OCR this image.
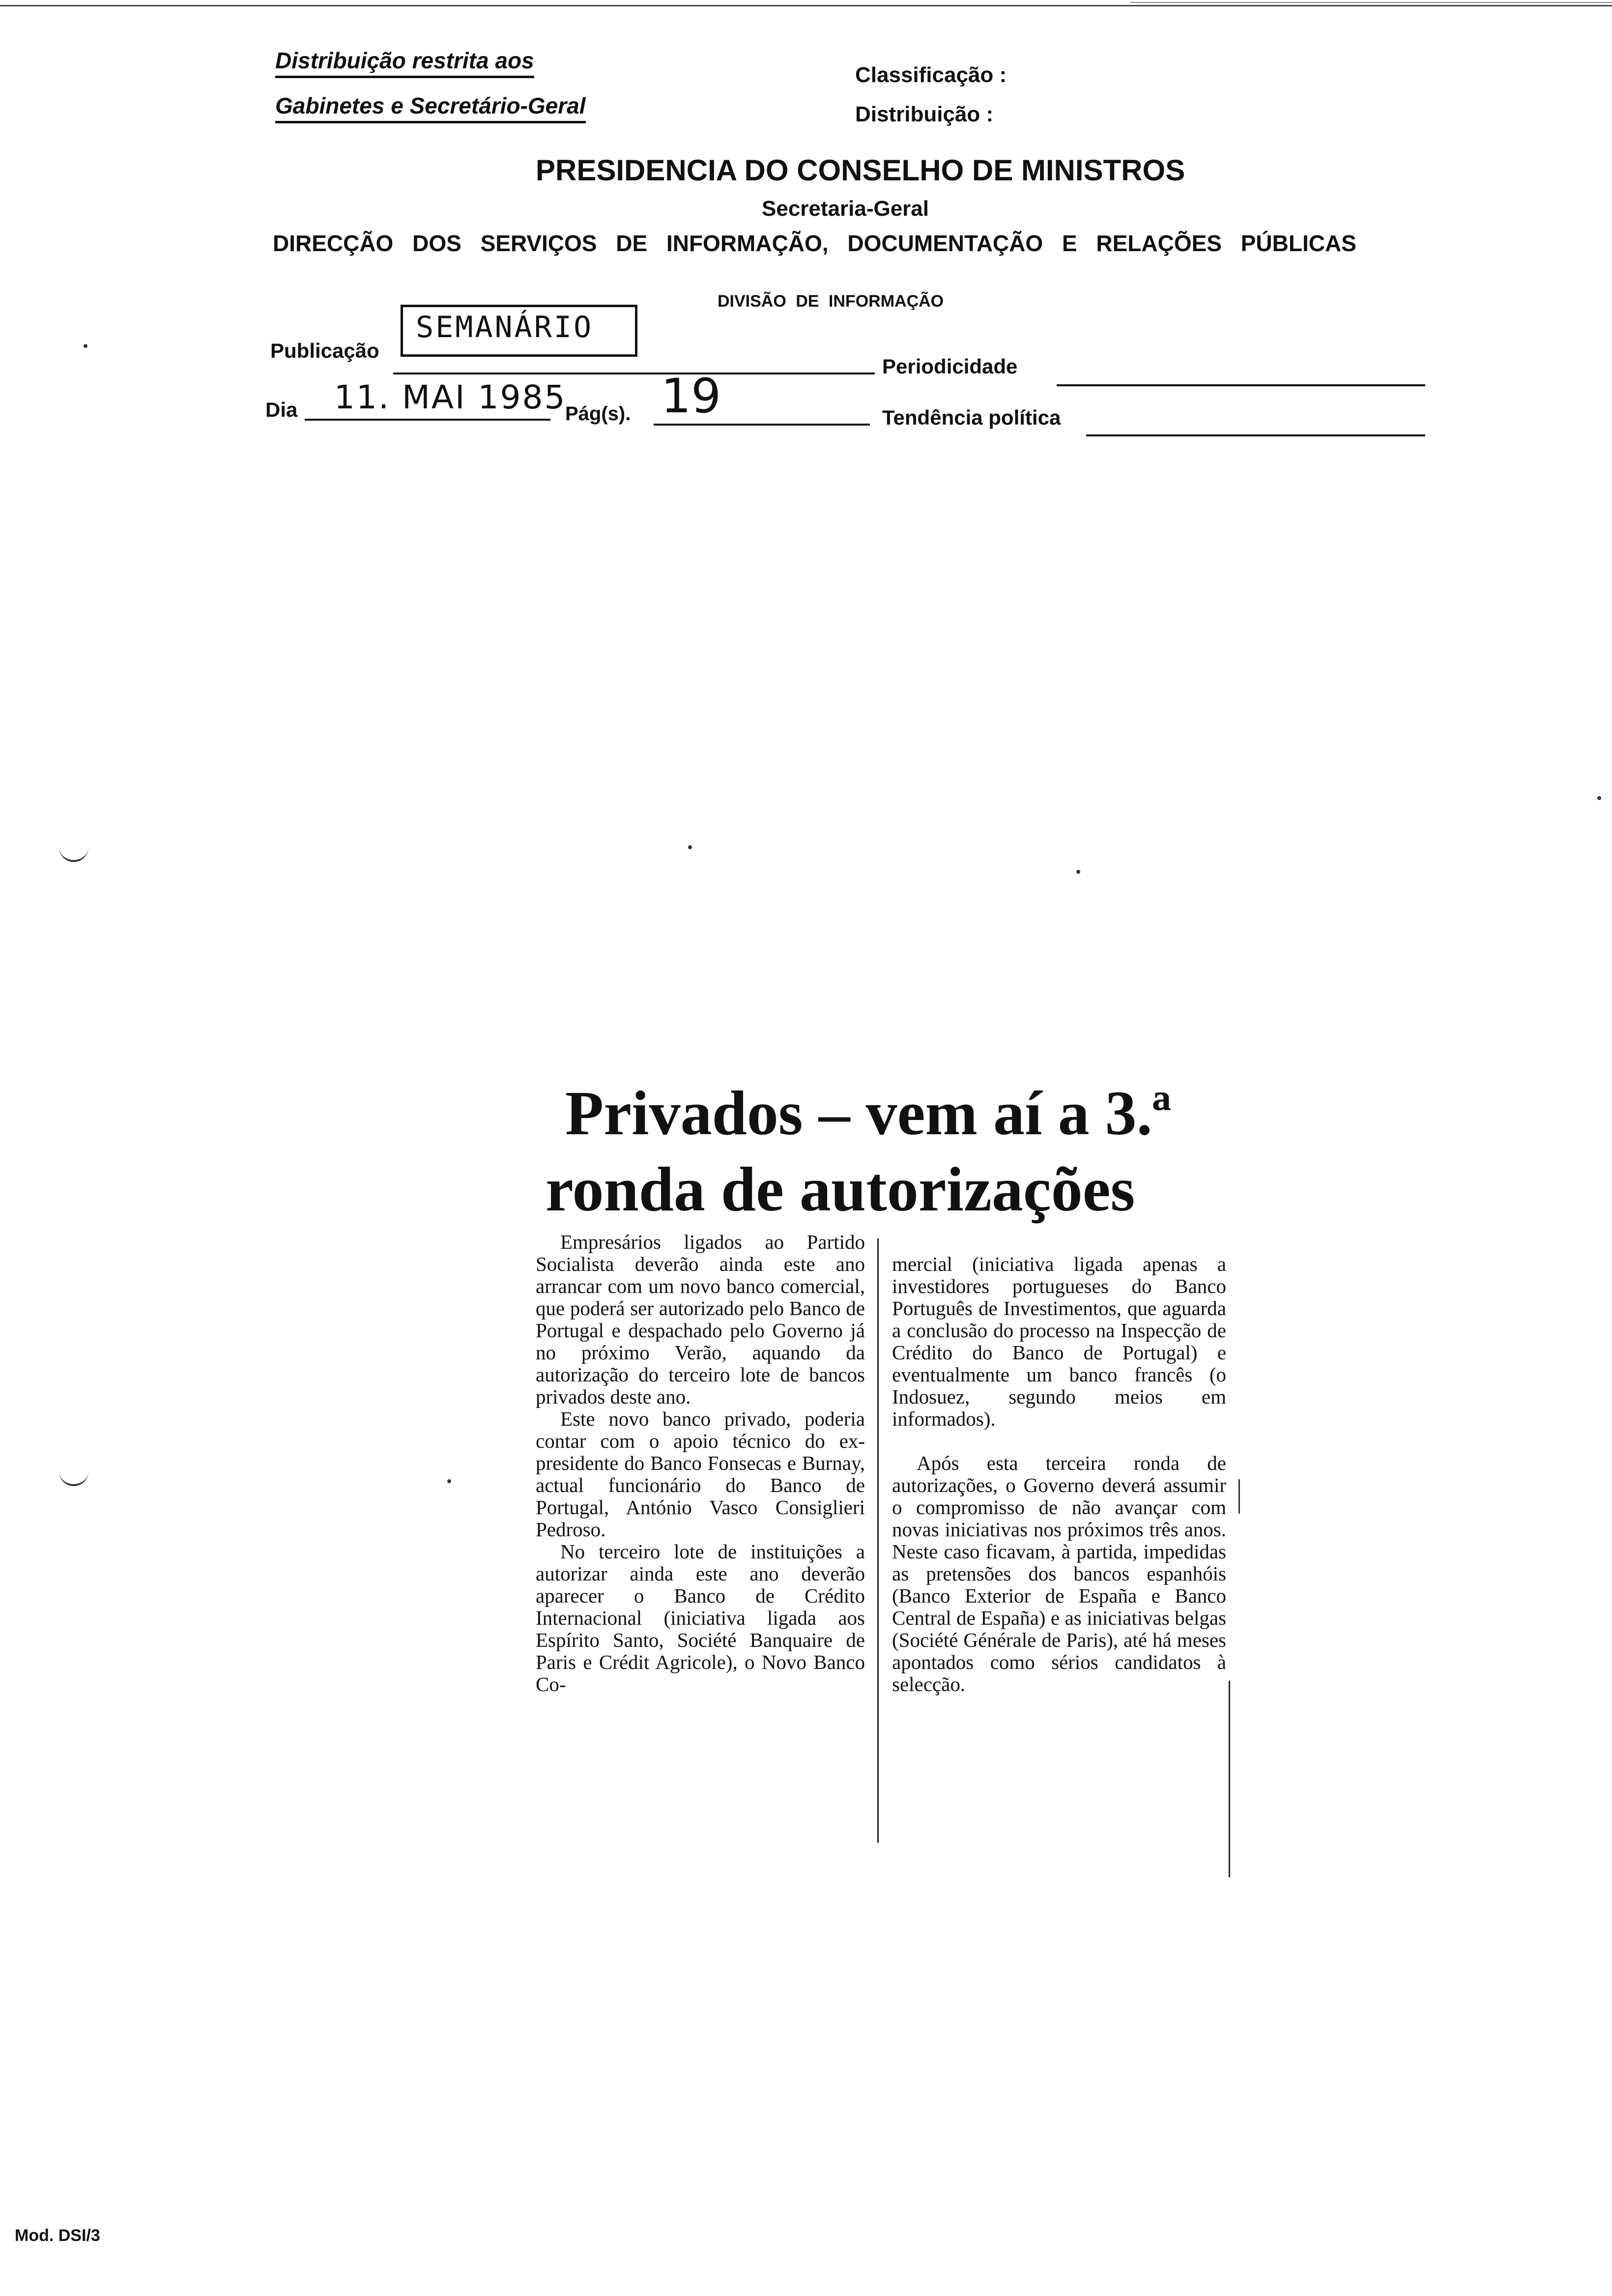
Distribuição restrita aos
Gabinetes e Secretário-Geral
Classificação :
Distribuição :
PRESIDENCIA DO CONSELHO DE MINISTROS
Secretaria-Geral
DIRECÇÃO DOS SERVIÇOS DE INFORMAÇÃO, DOCUMENTAÇÃO E RELAÇÕES PÚBLICAS
DIVISÃO DE INFORMAÇÃO
Publicação
SEMANÁRIO
Periodicidade
Dia 11. MAI 1985
Pág(s). 19	Tendência política
Privados – vem aí a 3.ª
ronda de autorizações

Empresários ligados ao Partido Socialista deverão ainda este ano arrancar com um novo banco comercial, que poderá ser autorizado pelo Banco de Portugal e despachado pelo Governo já no próximo Verão, aquando da autorização do terceiro lote de bancos privados deste ano.

Este novo banco privado, poderia contar com o apoio técnico do ex-presidente do Banco Fonsecas e Burnay, actual funcionário do Banco de Portugal, António Vasco Consiglieri Pedroso.

No terceiro lote de instituições a autorizar ainda este ano deverão aparecer o Banco de Crédito Internacional (iniciativa ligada aos Espírito Santo, Société Banquaire de Paris e Crédit Agricole), o Novo Banco Co-

mercial (iniciativa ligada apenas a investidores portugueses do Banco Português de Investimentos, que aguarda a conclusão do processo na Inspecção de Crédito do Banco de Portugal) e eventualmente um banco francês (o Indosuez, segundo meios em informados).

Após esta terceira ronda de autorizações, o Governo deverá assumir o compromisso de não avançar com novas iniciativas nos próximos três anos. Neste caso ficavam, à partida, impedidas as pretensões dos bancos espanhóis (Banco Exterior de España e Banco Central de España) e as iniciativas belgas (Société Générale de Paris), até há meses apontados como sérios candidatos à selecção.

Mod. DSI/3
